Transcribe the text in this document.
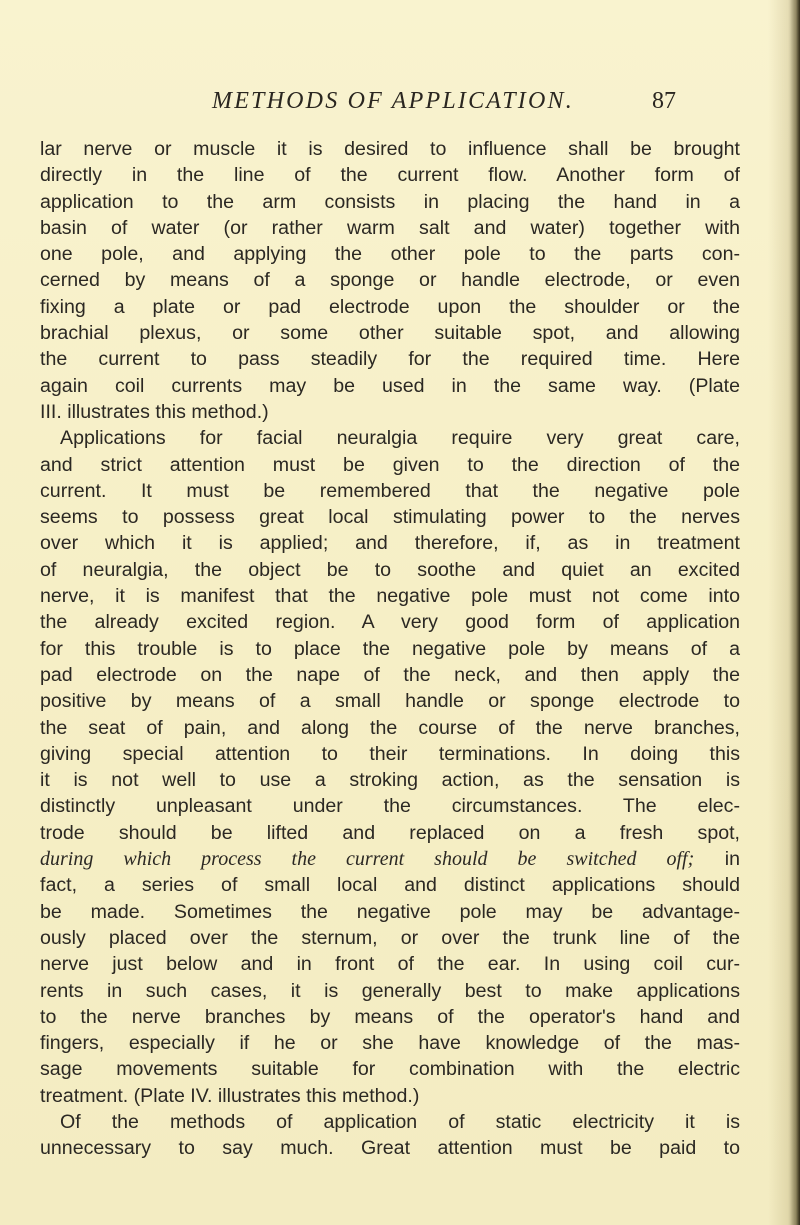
METHODS OF APPLICATION.	87
lar nerve or muscle it is desired to influence shall be brought
directly in the line of the current flow. Another form of
application to the arm consists in placing the hand in a
basin of water (or rather warm salt and water) together with
one pole, and applying the other pole to the parts con-
cerned by means of a sponge or handle electrode, or even
fixing a plate or pad electrode upon the shoulder or the
brachial plexus, or some other suitable spot, and allowing
the current to pass steadily for the required time. Here
again coil currents may be used in the same way. (Plate
III. illustrates this method.)
Applications for facial neuralgia require very great care,
and strict attention must be given to the direction of the
current. It must be remembered that the negative pole
seems to possess great local stimulating power to the nerves
over which it is applied; and therefore, if, as in treatment
of neuralgia, the object be to soothe and quiet an excited
nerve, it is manifest that the negative pole must not come into
the already excited region. A very good form of application
for this trouble is to place the negative pole by means of a
pad electrode on the nape of the neck, and then apply the
positive by means of a small handle or sponge electrode to
the seat of pain, and along the course of the nerve branches,
giving special attention to their terminations. In doing this
it is not well to use a stroking action, as the sensation is
distinctly unpleasant under the circumstances. The elec-
trode should be lifted and replaced on a fresh spot,
during which process the current should be switched off; in
fact, a series of small local and distinct applications should
be made. Sometimes the negative pole may be advantage-
ously placed over the sternum, or over the trunk line of the
nerve just below and in front of the ear. In using coil cur-
rents in such cases, it is generally best to make applications
to the nerve branches by means of the operator's hand and
fingers, especially if he or she have knowledge of the mas-
sage movements suitable for combination with the electric
treatment. (Plate IV. illustrates this method.)
Of the methods of application of static electricity it is
unnecessary to say much. Great attention must be paid to
